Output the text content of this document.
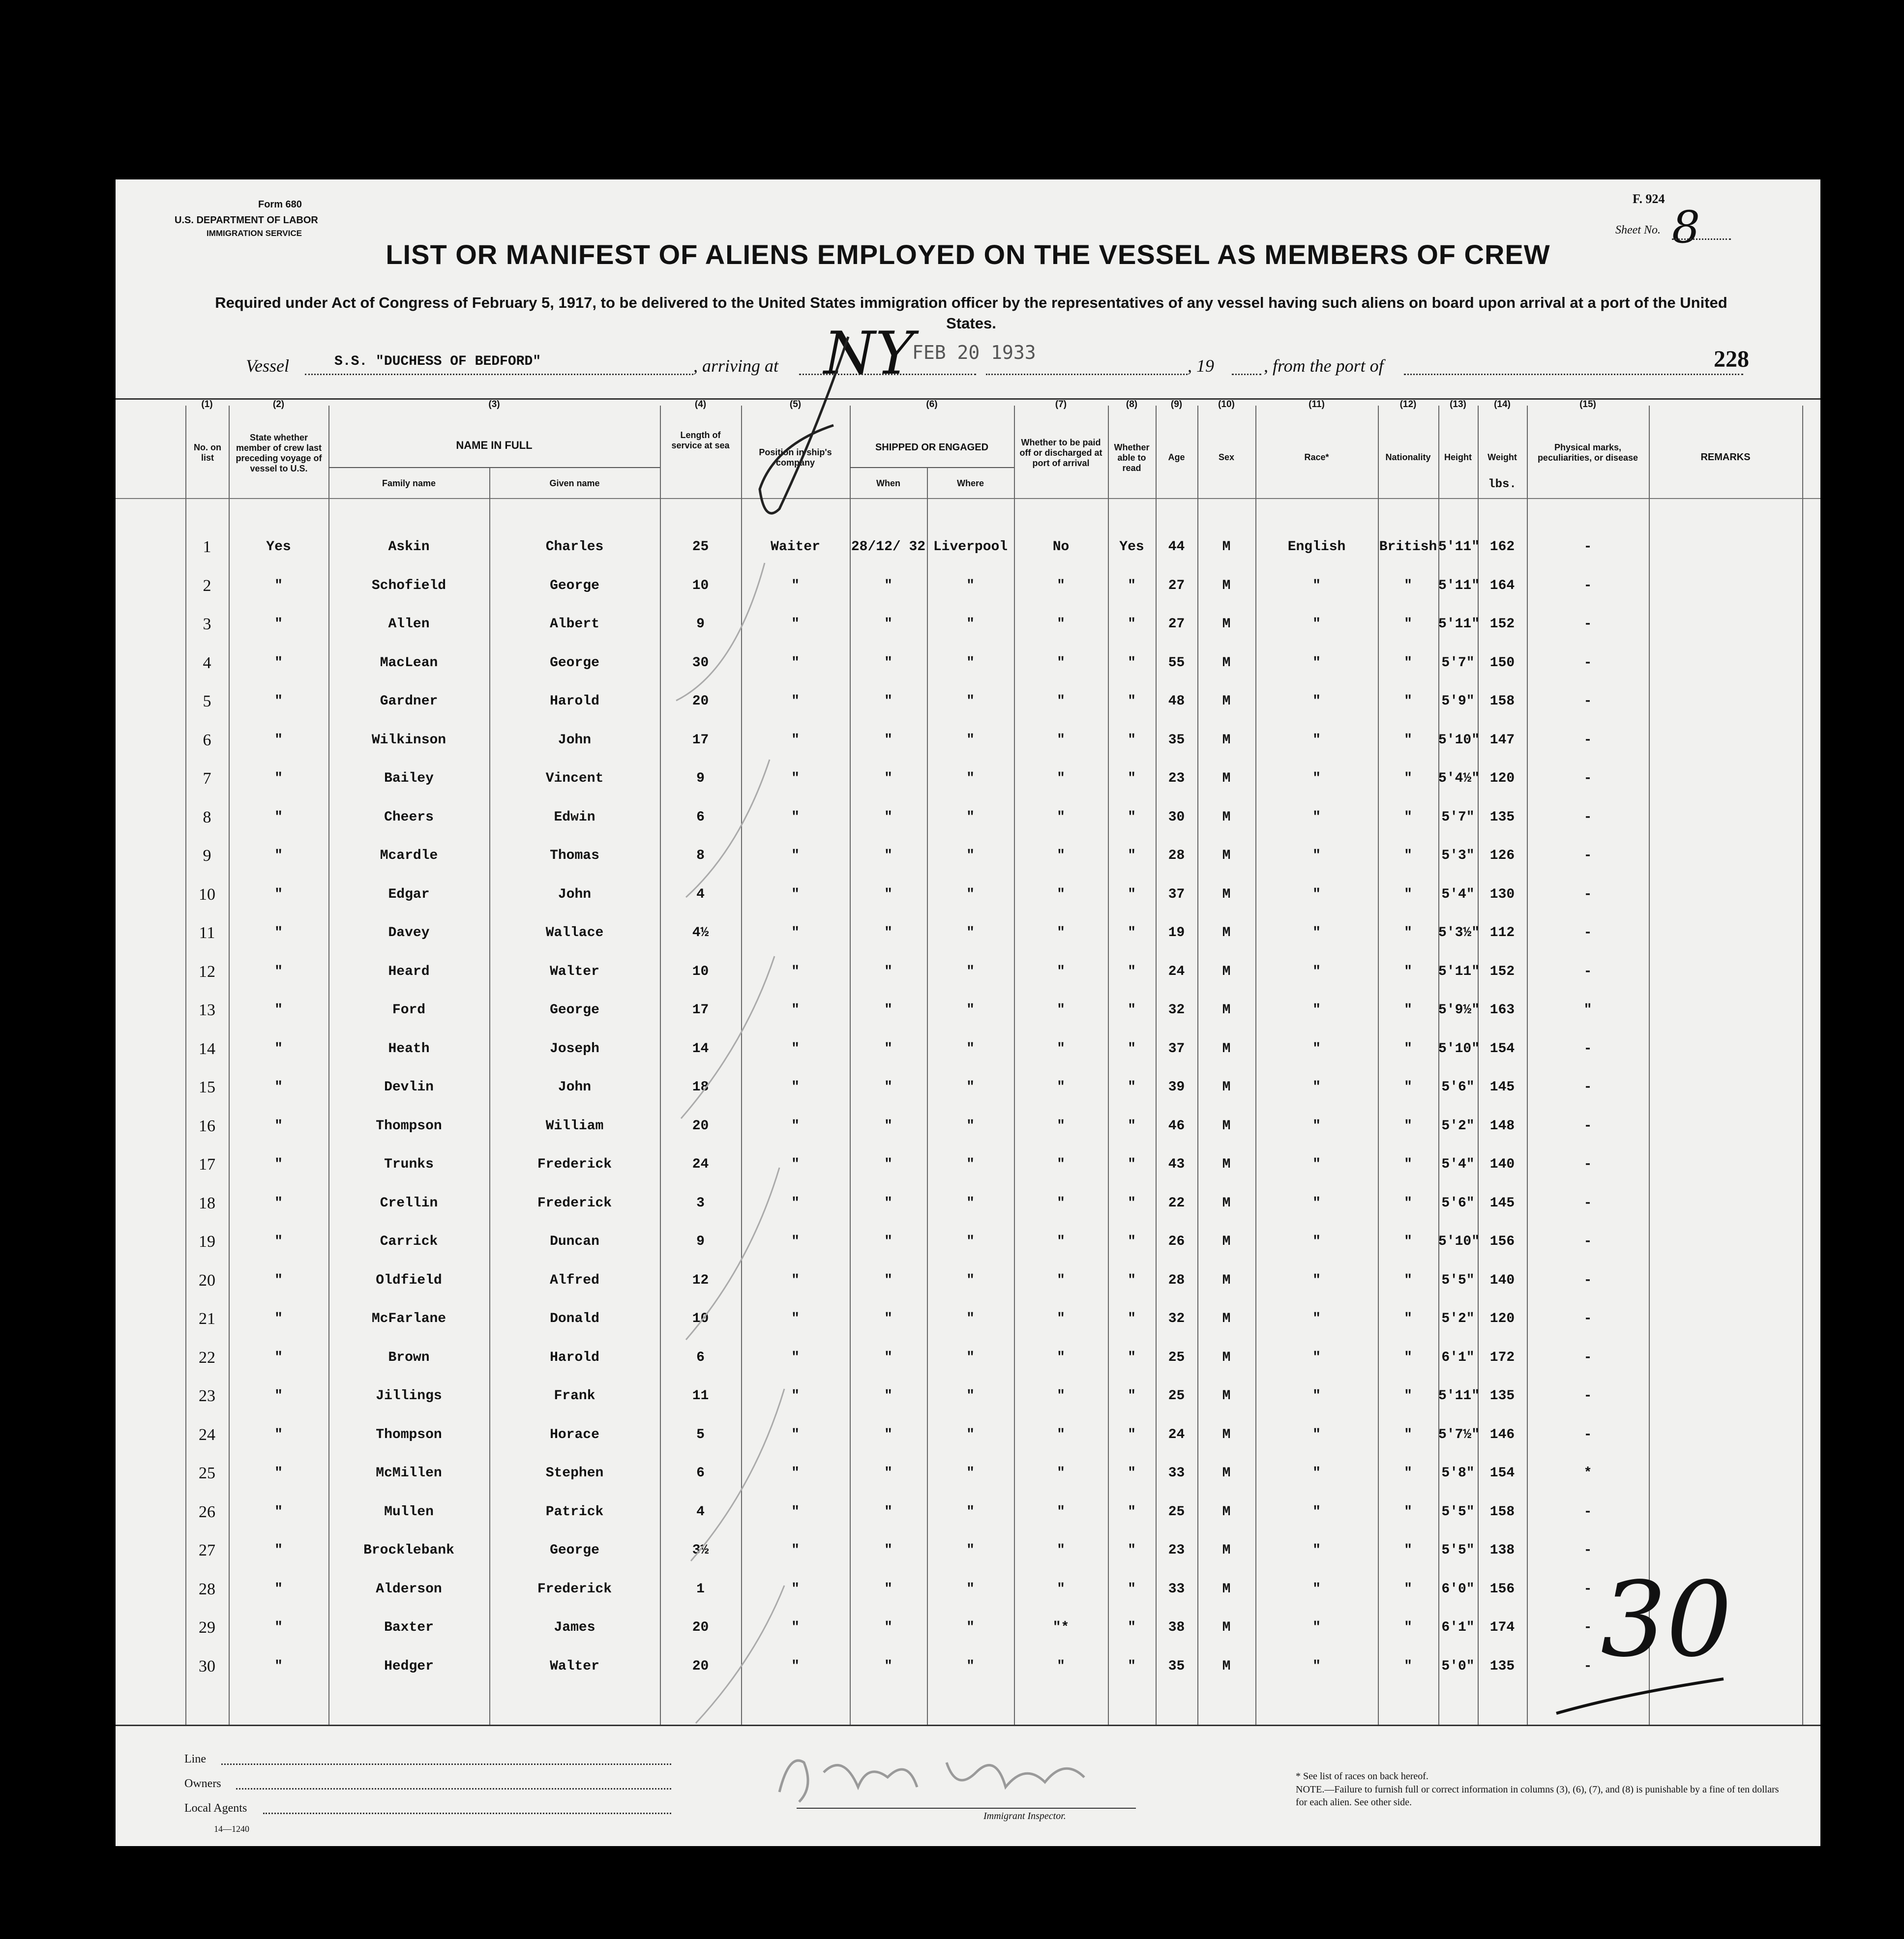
Form 680
U.S. DEPARTMENT OF LABOR
IMMIGRATION SERVICE
F. 924
Sheet No. 8
LIST OR MANIFEST OF ALIENS EMPLOYED ON THE VESSEL AS MEMBERS OF CREW
Required under Act of Congress of February 5, 1917, to be delivered to the United States immigration officer by the representatives of any vessel having such aliens on board upon arrival at a port of the United States.
Vessel	S.S. "DUCHESS OF BEDFORD"	, arriving at NY
FEB 20 1933
, 19	, from the port of	228
(1)	(2)	(3)	(4)	(5)	(6)	(7)	(8)	(9)	(10)	(11)	(12)	(13)	(14)	(15)
No. on list
State whether member of crew last preceding voyage of vessel to U.S.
NAME IN FULL
Family name	Given name
Length of service at sea
Position in ship's company
SHIPPED OR ENGAGED
When	Where
Whether to be paid off or discharged at port of arrival
Whether able to read
Age	Sex	Race*	Nationality	Height	Weight
lbs.
Physical marks, peculiarities, or disease	REMARKS
1	Yes	Askin	Charles	25	Waiter	28/12/ 32 Liverpool	No	Yes	44	M	English	British 5'11" 162	-
2	"	Schofield	George	10	"	"	"	"	"	27	M	"	"	5'11" 164	-
3	"	Allen	Albert	9	"	"	"	"	"	27	M	"	"	5'11" 152	-
4	"	MacLean	George	30	"	"	"	"	"	55	M	"	"	5'7"	150	-
5	"	Gardner	Harold	20	"	"	"	"	"	48	M	"	"	5'9"	158	-
6	"	Wilkinson	John	17	"	"	"	"	"	35	M	"	"	5'10" 147	-
7	"	Bailey	Vincent	9	"	"	"	"	"	23	M	"	"	5'4½" 120	-
8	"	Cheers	Edwin	6	"	"	"	"	"	30	M	"	"	5'7"	135	-
9	"	Mcardle	Thomas	8	"	"	"	"	"	28	M	"	"	5'3"	126	-
10	"	Edgar	John	4	"	"	"	"	"	37	M	"	"	5'4"	130	-
11	"	Davey	Wallace	4½	"	"	"	"	"	19	M	"	"	5'3½" 112	-
12	"	Heard	Walter	10	"	"	"	"	"	24	M	"	"	5'11" 152	-
13	"	Ford	George	17	"	"	"	"	"	32	M	"	"	5'9½" 163	"
14	"	Heath	Joseph	14	"	"	"	"	"	37	M	"	"	5'10" 154	-
15	"	Devlin	John	18	"	"	"	"	"	39	M	"	"	5'6"	145	-
16	"	Thompson	William	20	"	"	"	"	"	46	M	"	"	5'2"	148	-
17	"	Trunks	Frederick	24	"	"	"	"	"	43	M	"	"	5'4"	140	-
18	"	Crellin	Frederick	3	"	"	"	"	"	22	M	"	"	5'6"	145	-
19	"	Carrick	Duncan	9	"	"	"	"	"	26	M	"	"	5'10" 156	-
20	"	Oldfield	Alfred	12	"	"	"	"	"	28	M	"	"	5'5"	140	-
21	"	McFarlane	Donald	10	"	"	"	"	"	32	M	"	"	5'2"	120	-
22	"	Brown	Harold	6	"	"	"	"	"	25	M	"	"	6'1"	172	-
23	"	Jillings	Frank	11	"	"	"	"	"	25	M	"	"	5'11" 135	-
24	"	Thompson	Horace	5	"	"	"	"	"	24	M	"	"	5'7½" 146	-
25	"	McMillen	Stephen	6	"	"	"	"	"	33	M	"	"	5'8"	154	*
26	"	Mullen	Patrick	4	"	"	"	"	"	25	M	"	"	5'5"	158	-
27	"	Brocklebank	George	3½	"	"	"	"	"	23	M	"	"	5'5"	138	-
28	"	Alderson	Frederick	1	"	"	"	"	"	33	M	"	"	6'0"	156	-
29	"	Baxter	James	20	"	"	"	"*	"	38	M	"	"	6'1"	174	-
30	"	Hedger	Walter	20	"	"	"	"	"	35	M	"	"	5'0"	135	- 30
Line
Owners
Local Agents
14—1240
Immigrant Inspector.
* See list of races on back hereof.
NOTE.—Failure to furnish full or correct information in columns (3), (6), (7), and (8) is punishable by a fine of ten dollars for each alien. See other side.
